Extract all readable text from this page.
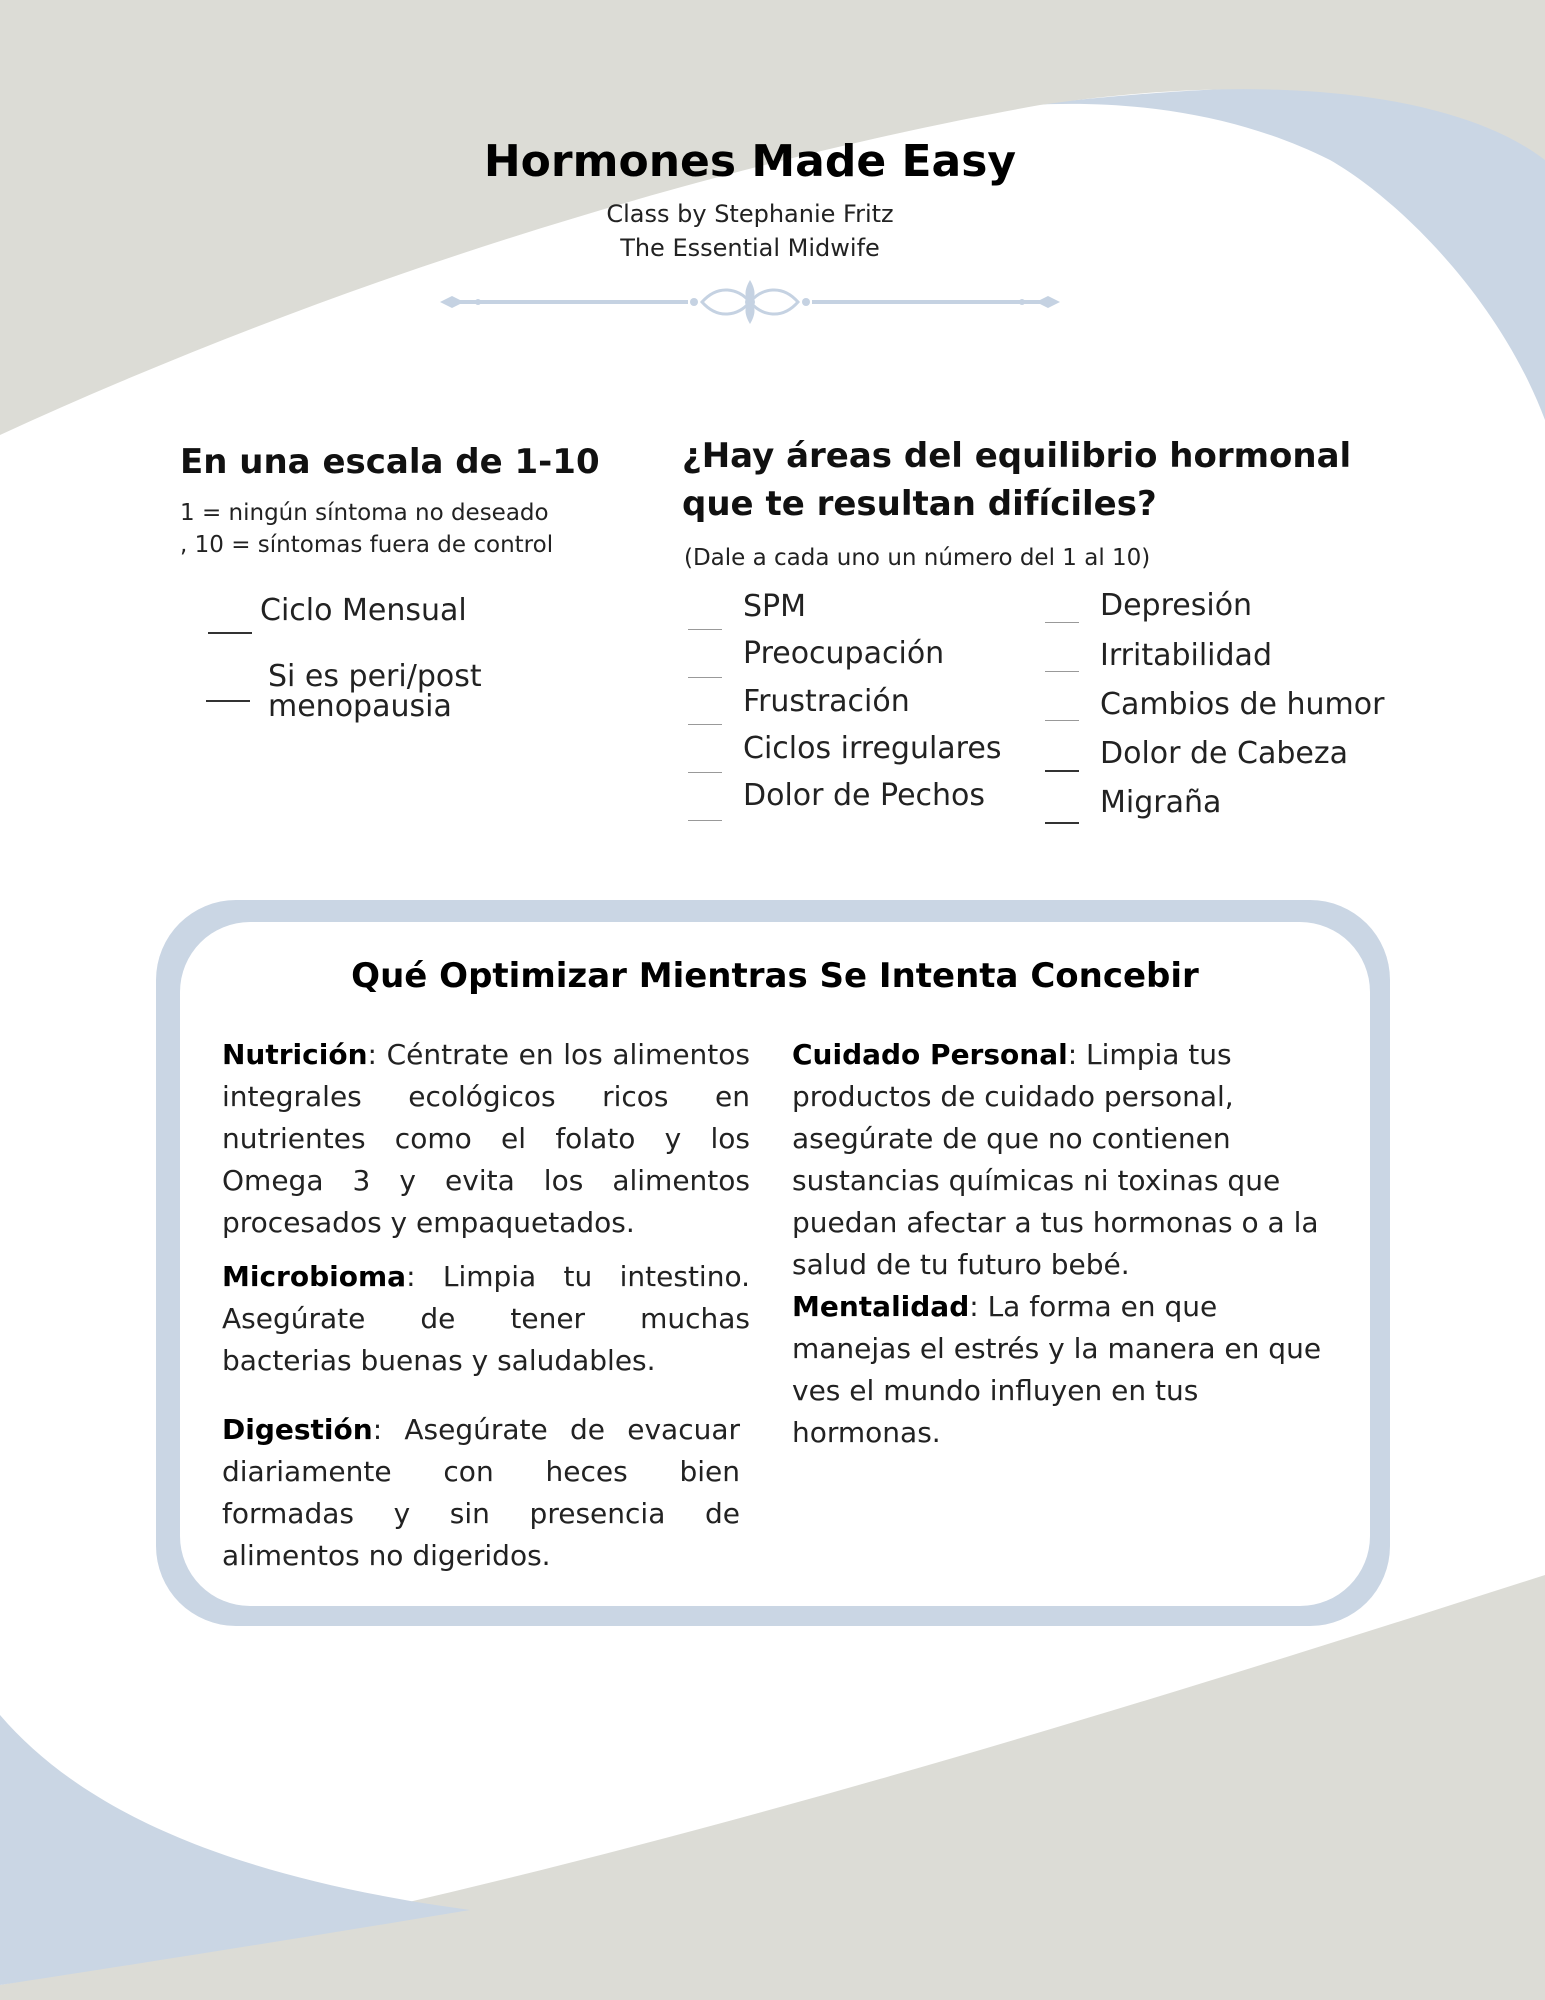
Hormones Made Easy
Class by Stephanie Fritz
The Essential Midwife
En una escala de 1-10
1 = ningún síntoma no deseado
, 10 = síntomas fuera de control
Ciclo Mensual
Si es peri/post
menopausia
¿Hay áreas del equilibrio hormonal
que te resultan difíciles?
(Dale a cada uno un número del 1 al 10)
SPM
Preocupación
Frustración
Ciclos irregulares
Dolor de Pechos
Depresión
Irritabilidad
Cambios de humor
Dolor de Cabeza
Migraña
Qué Optimizar Mientras Se Intenta Concebir
Nutrición: Céntrate en los alimentos integrales ecológicos ricos en nutrientes como el folato y los Omega 3 y evita los alimentos procesados y empaquetados.
Microbioma: Limpia tu intestino. Asegúrate de tener muchas bacterias buenas y saludables.
Digestión: Asegúrate de evacuar diariamente con heces bien formadas y sin presencia de alimentos no digeridos.
Cuidado Personal: Limpia tus productos de cuidado personal, asegúrate de que no contienen sustancias químicas ni toxinas que puedan afectar a tus hormonas o a la salud de tu futuro bebé.
Mentalidad: La forma en que manejas el estrés y la manera en que ves el mundo influyen en tus hormonas.
